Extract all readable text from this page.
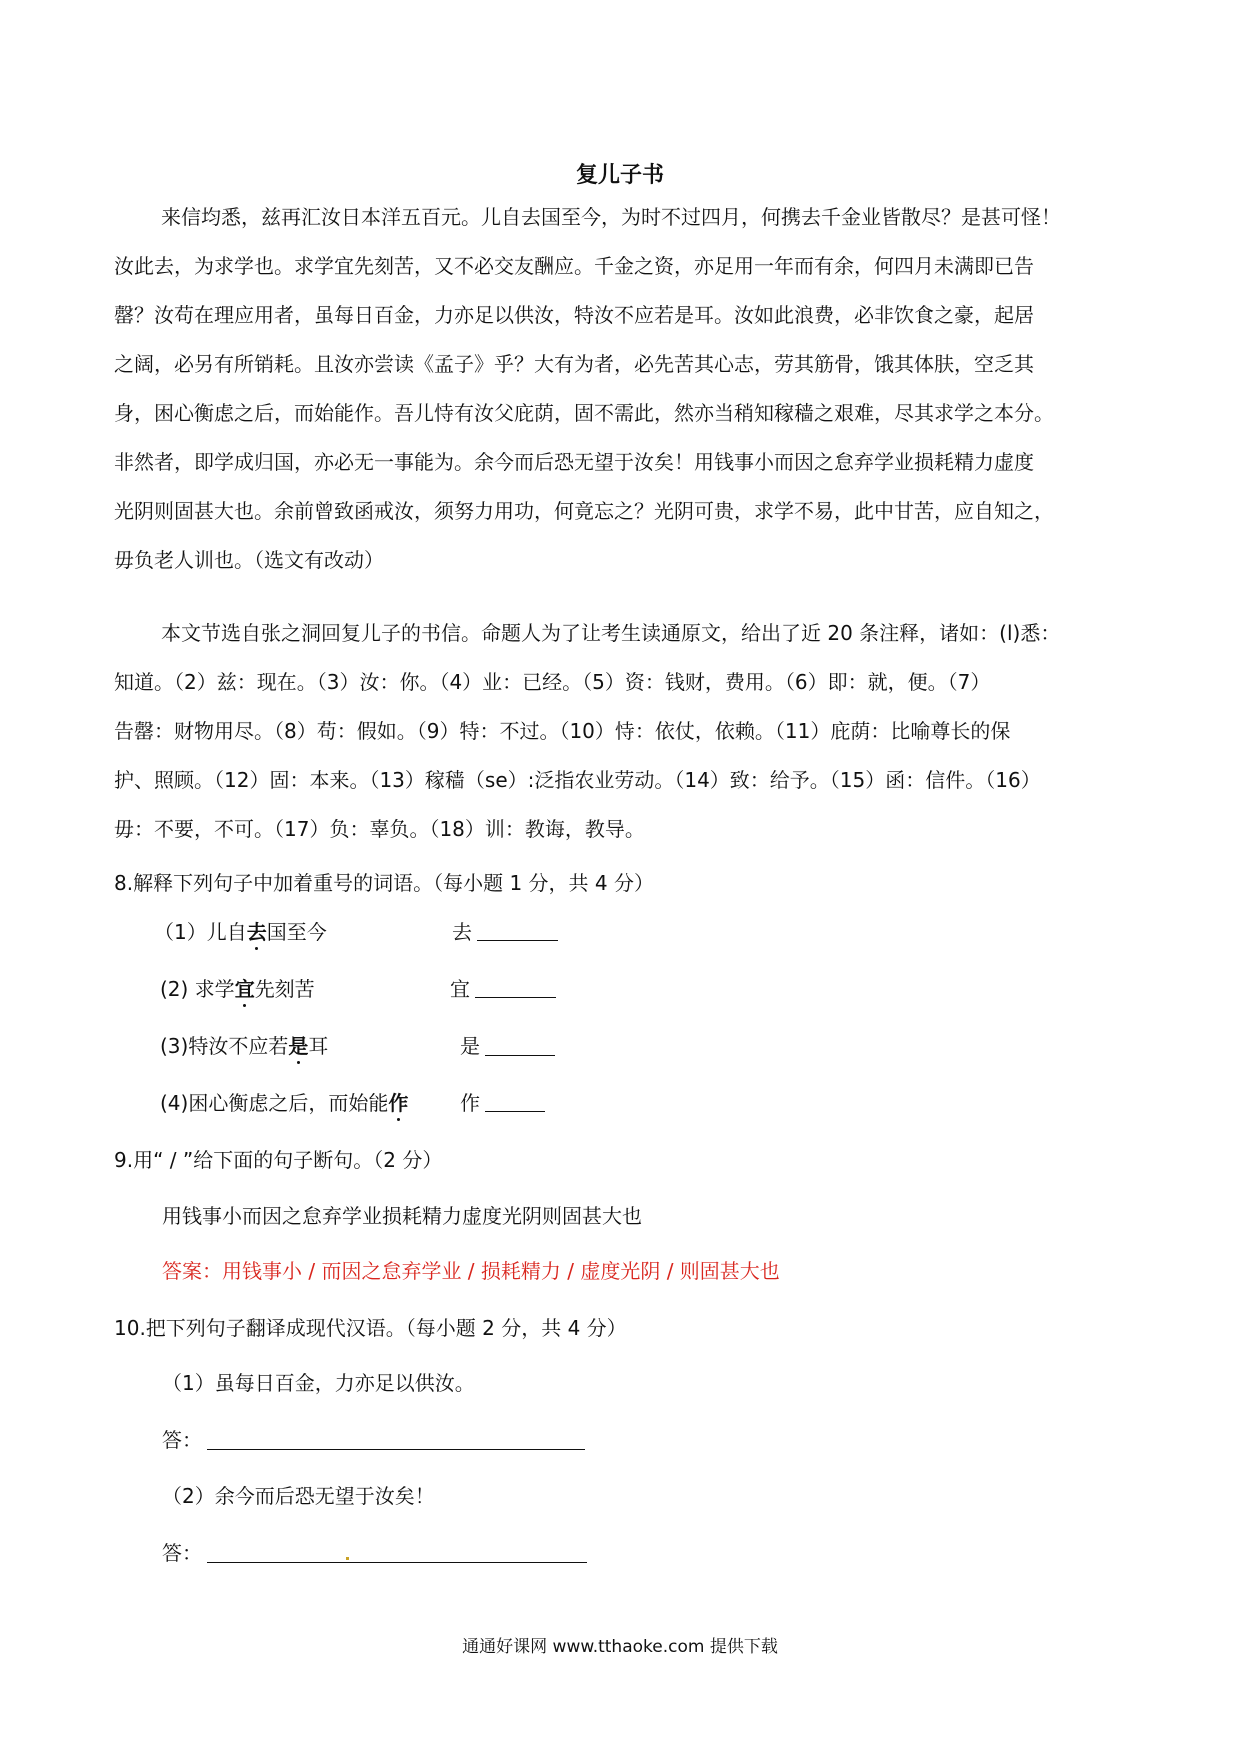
复儿子书
来信均悉，兹再汇汝日本洋五百元。儿自去国至今，为时不过四月，何携去千金业皆散尽？是甚可怪！
汝此去，为求学也。求学宜先刻苦，又不必交友酬应。千金之资，亦足用一年而有余，何四月未满即已告
罄？汝苟在理应用者，虽每日百金，力亦足以供汝，特汝不应若是耳。汝如此浪费，必非饮食之豪，起居
之阔，必另有所销耗。且汝亦尝读《孟子》乎？大有为者，必先苦其心志，劳其筋骨，饿其体肤，空乏其
身，困心衡虑之后，而始能作。吾儿恃有汝父庇荫，固不需此，然亦当稍知稼穑之艰难，尽其求学之本分。
非然者，即学成归国，亦必无一事能为。余今而后恐无望于汝矣！用钱事小而因之怠弃学业损耗精力虚度
光阴则固甚大也。余前曾致函戒汝，须努力用功，何竟忘之？光阴可贵，求学不易，此中甘苦，应自知之，
毋负老人训也。（选文有改动）
本文节选自张之洞回复儿子的书信。命题人为了让考生读通原文，给出了近 20 条注释，诸如：(l)悉：
知道。（2）兹：现在。（3）汝：你。（4）业：已经。（5）资：钱财，费用。（6）即：就，便。（7）
告罄：财物用尽。（8）苟：假如。（9）特：不过。（10）恃：依仗，依赖。（11）庇荫：比喻尊长的保
护、照顾。（12）固：本来。（13）稼穑（se）:泛指农业劳动。（14）致：给予。（15）函：信件。（16）
毋：不要，不可。（17）负：辜负。（18）训：教诲，教导。
8.解释下列句子中加着重号的词语。（每小题 1 分，共 4 分）
（1）儿自去国至今	去
(2) 求学宜先刻苦	宜
(3)特汝不应若是耳	是
(4)困心衡虑之后，而始能作	作
9.用“ / ”给下面的句子断句。（2 分）
用钱事小而因之怠弃学业损耗精力虚度光阴则固甚大也
答案：用钱事小 / 而因之怠弃学业 / 损耗精力 / 虚度光阴 / 则固甚大也
10.把下列句子翻译成现代汉语。（每小题 2 分，共 4 分）
（1）虽每日百金，力亦足以供汝。
答：
（2）余今而后恐无望于汝矣！
答：
通通好课网 www.tthaoke.com 提供下载
